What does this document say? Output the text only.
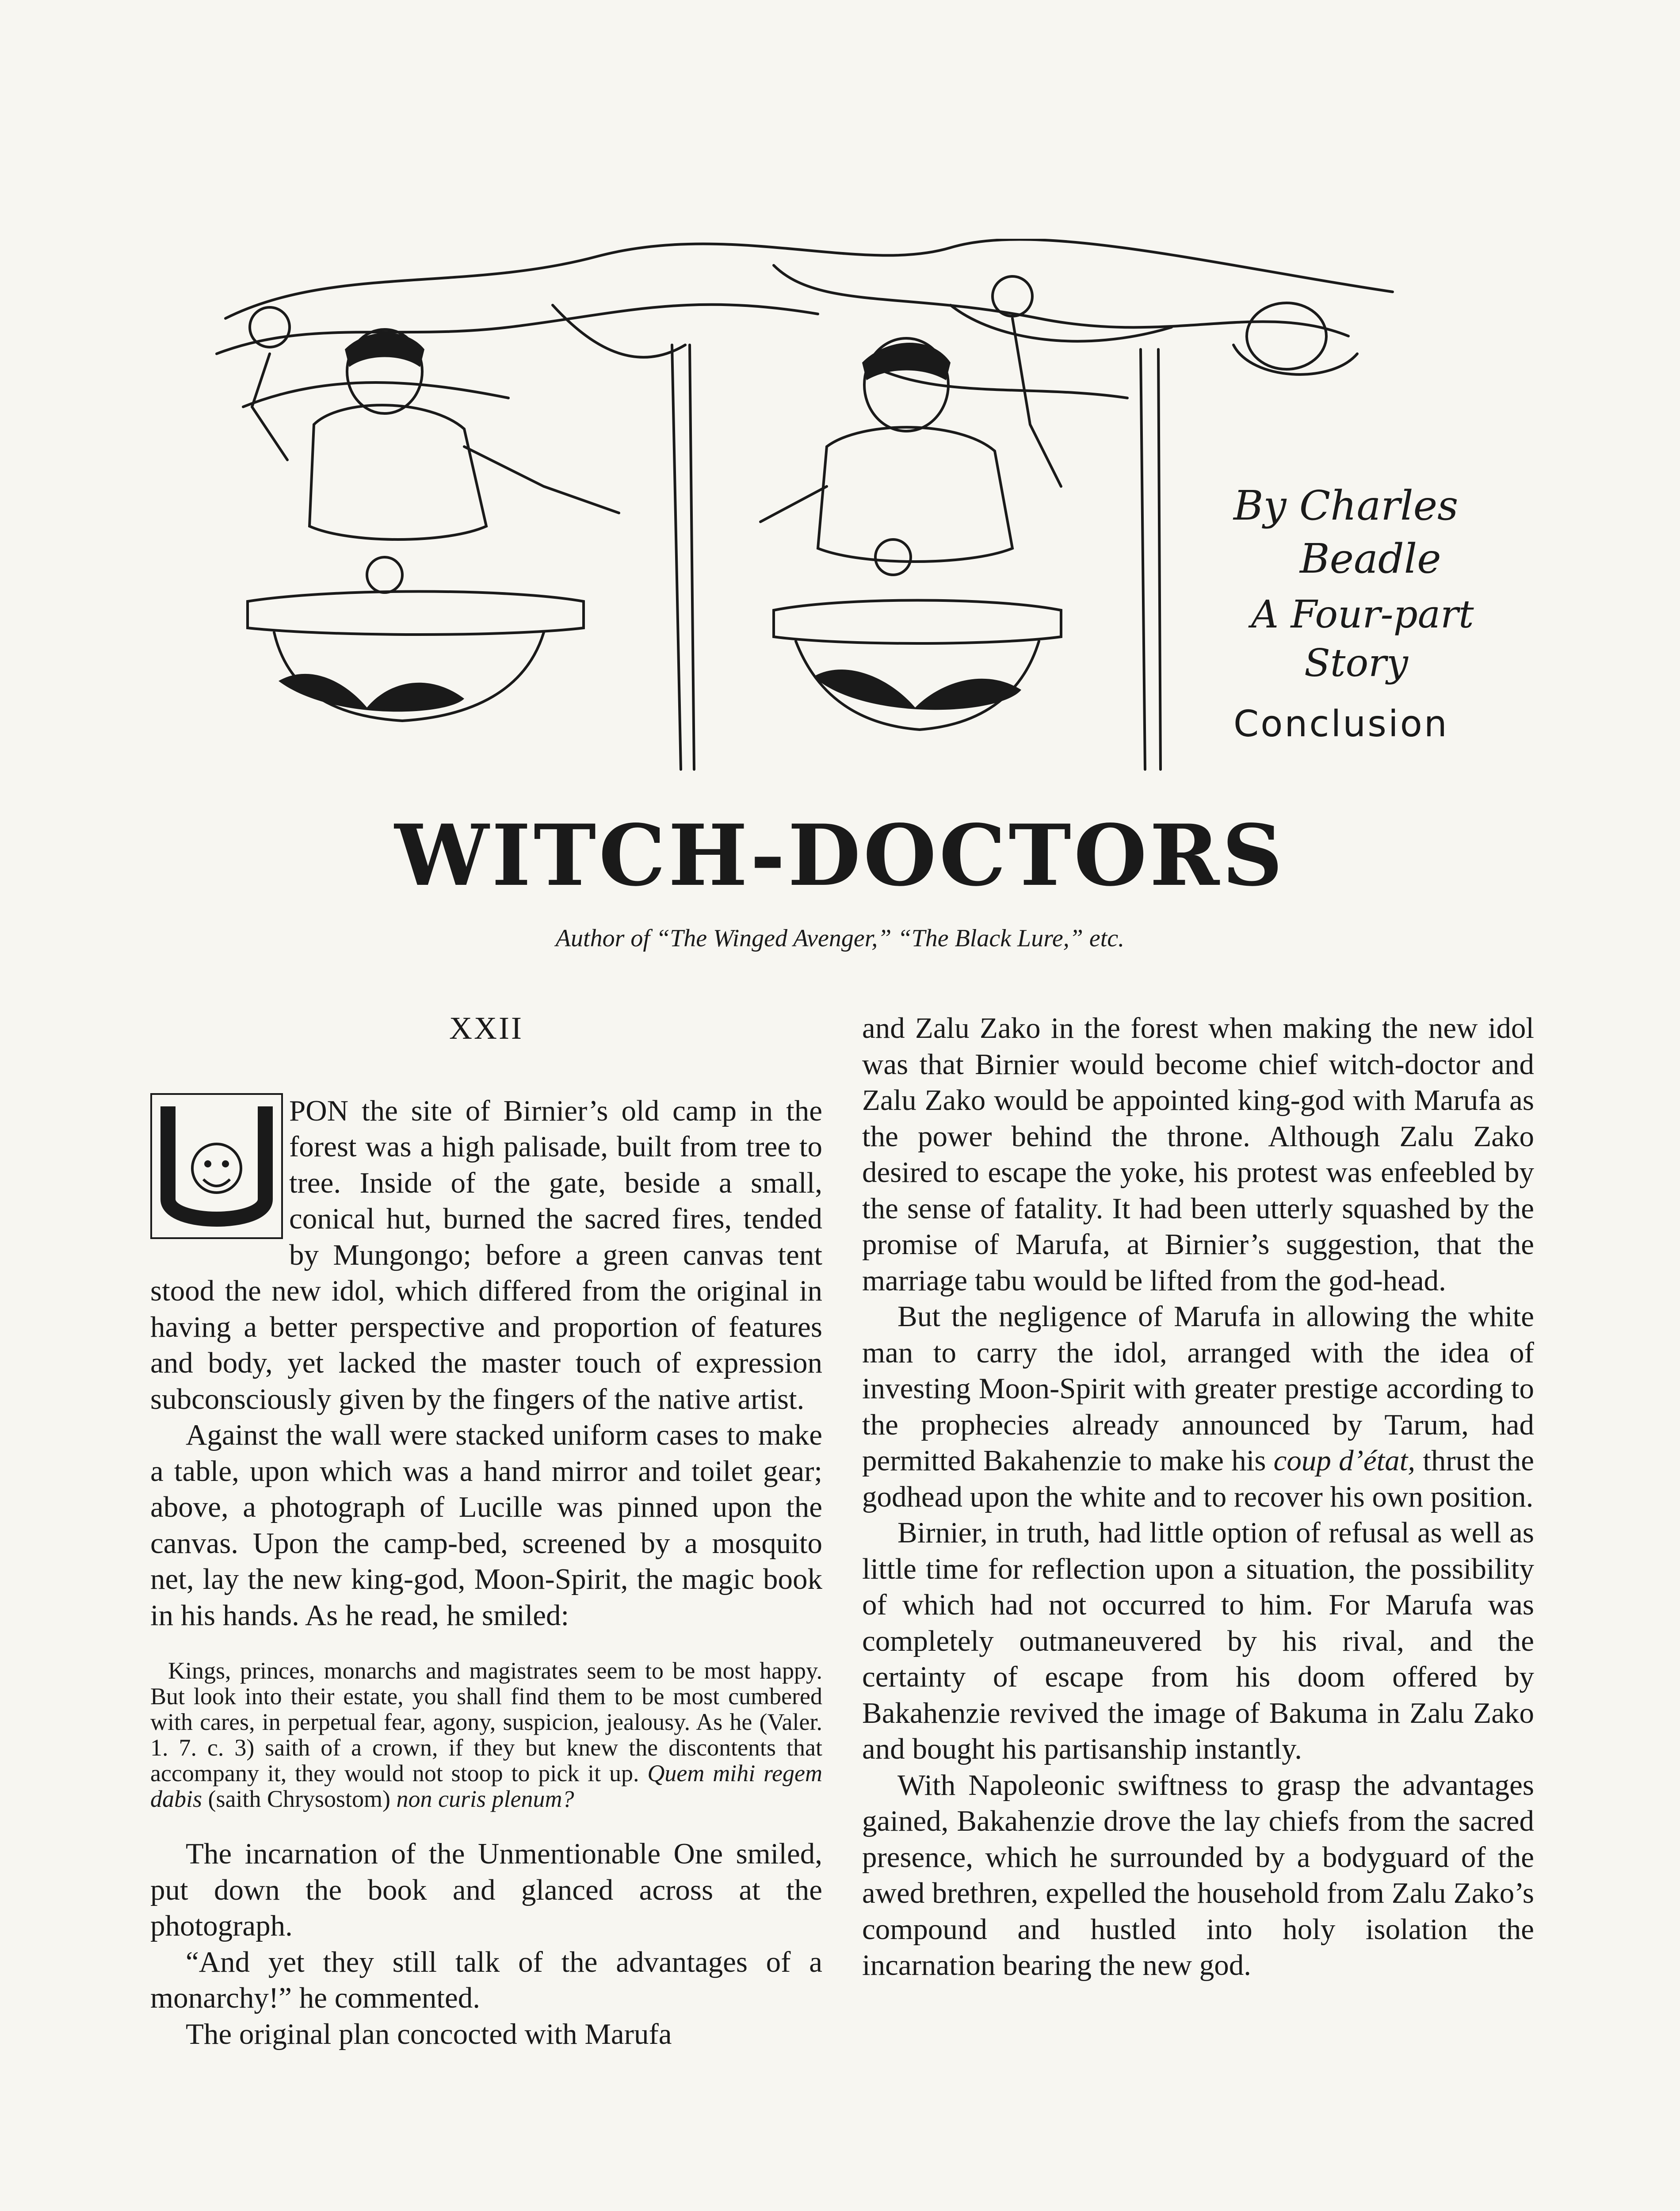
By Charles
Beadle
A Four-part
Story
Conclusion
WITCH-DOCTORS
Author of “The Winged Avenger,” “The Black Lure,” etc.
XXII

PON the site of Birnier’s old camp in the forest was a high palisade, built from tree to tree. Inside of the gate, beside a small, conical hut, burned the sacred fires, tended by Mungongo; before a green canvas tent stood the new idol, which differed from the original in having a better perspective and proportion of features and body, yet lacked the master touch of expression subconsciously given by the fingers of the native artist.

Against the wall were stacked uniform cases to make a table, upon which was a hand mirror and toilet gear; above, a photograph of Lucille was pinned upon the canvas. Upon the camp-bed, screened by a mosquito net, lay the new king-god, Moon-Spirit, the magic book in his hands. As he read, he smiled:

Kings, princes, monarchs and magistrates seem to be most happy. But look into their estate, you shall find them to be most cumbered with cares, in perpetual fear, agony, suspicion, jealousy. As he (Valer. 1. 7. c. 3) saith of a crown, if they but knew the discontents that accompany it, they would not stoop to pick it up. Quem mihi regem dabis (saith Chrysostom) non curis plenum?

The incarnation of the Unmentionable One smiled, put down the book and glanced across at the photograph.

“And yet they still talk of the advantages of a monarchy!” he commented.

The original plan concocted with Marufa

and Zalu Zako in the forest when making the new idol was that Birnier would become chief witch-doctor and Zalu Zako would be appointed king-god with Marufa as the power behind the throne. Although Zalu Zako desired to escape the yoke, his protest was enfeebled by the sense of fatality. It had been utterly squashed by the promise of Marufa, at Birnier’s suggestion, that the marriage tabu would be lifted from the god-head.

But the negligence of Marufa in allowing the white man to carry the idol, arranged with the idea of investing Moon-Spirit with greater prestige according to the prophecies already announced by Tarum, had permitted Bakahenzie to make his coup d’état, thrust the godhead upon the white and to recover his own position.

Birnier, in truth, had little option of refusal as well as little time for reflection upon a situation, the possibility of which had not occurred to him. For Marufa was completely outmaneuvered by his rival, and the certainty of escape from his doom offered by Bakahenzie revived the image of Bakuma in Zalu Zako and bought his partisanship instantly.

With Napoleonic swiftness to grasp the advantages gained, Bakahenzie drove the lay chiefs from the sacred presence, which he surrounded by a bodyguard of the awed brethren, expelled the household from Zalu Zako’s compound and hustled into holy isolation the incarnation bearing the new god.
